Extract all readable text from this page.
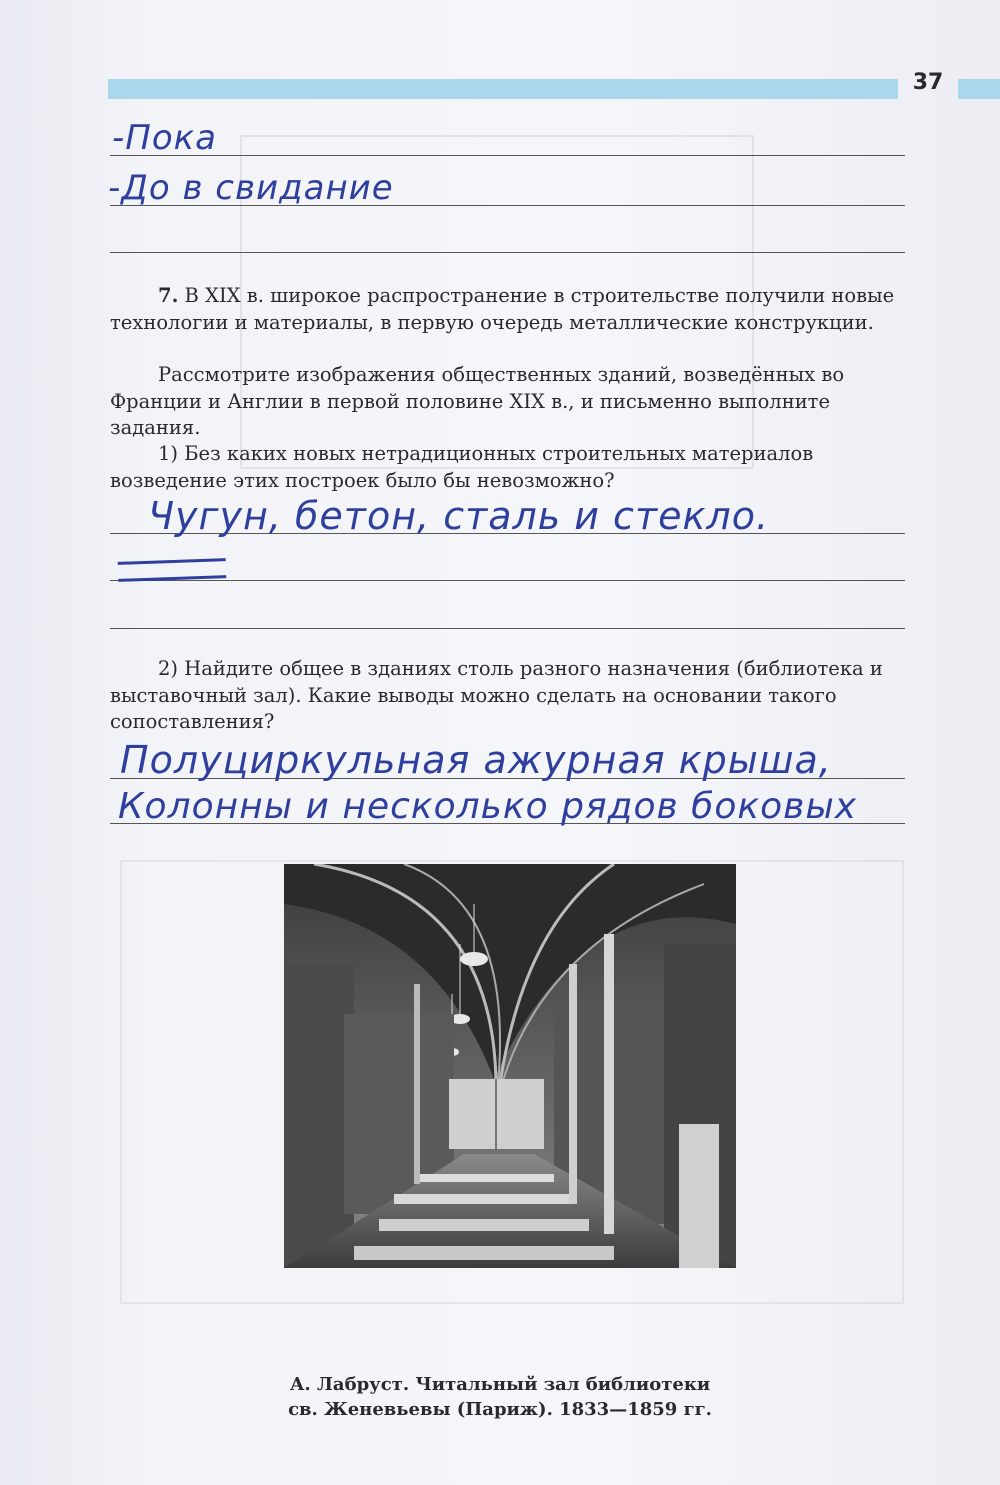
37
-Пока
-До в свидание

7. В XIX в. широкое распространение в строительстве получили новые технологии и материалы, в первую очередь металлические конструкции.

Рассмотрите изображения общественных зданий, возведённых во Франции и Англии в первой половине XIX в., и письменно выполните задания.

1) Без каких новых нетрадиционных строительных материалов возведение этих построек было бы невозможно?

Чугун, бетон, сталь и стекло.

2) Найдите общее в зданиях столь разного назначения (библиотека и выставочный зал). Какие выводы можно сделать на основании такого сопоставления?

Полуциркульная ажурная крыша,
Колонны и несколько рядов боковых
А. Лабруст. Читальный зал библиотеки
св. Женевьевы (Париж). 1833—1859 гг.
